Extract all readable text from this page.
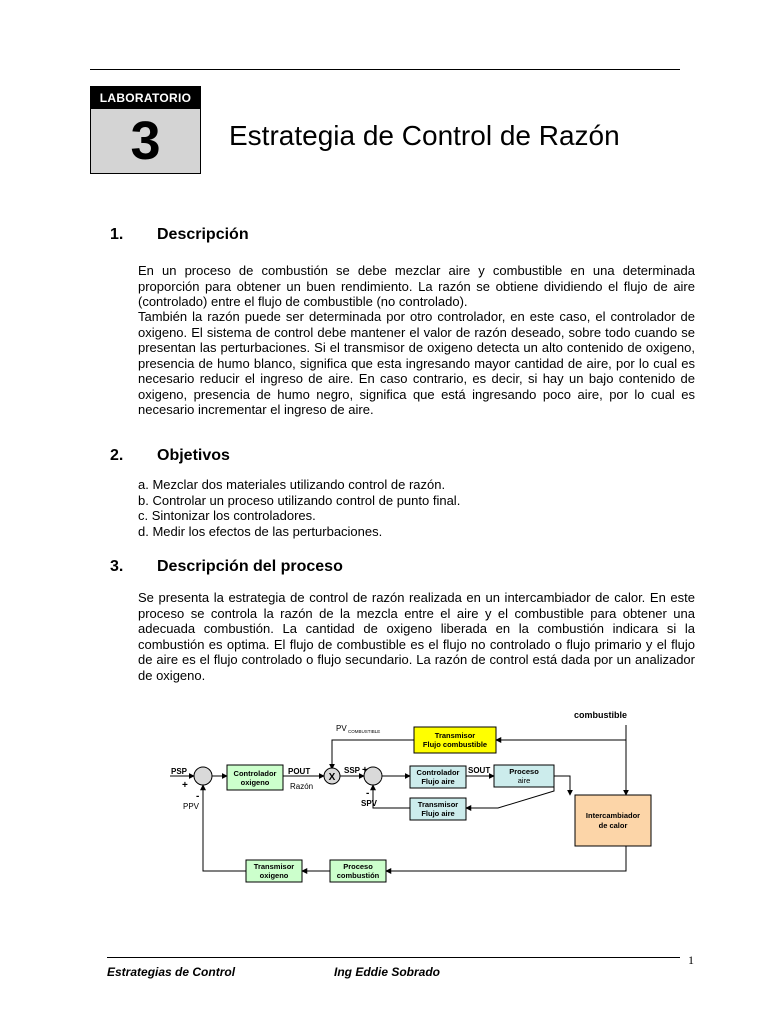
LABORATORIO
3	Estrategia de Control de Razón
1. Descripción

En un proceso de combustión se debe mezclar aire y combustible en una determinada proporción para obtener un buen rendimiento. La razón se obtiene dividiendo el flujo de aire (controlado) entre el flujo de combustible (no controlado).

También la razón puede ser determinada por otro controlador, en este caso, el controlador de oxigeno. El sistema de control debe mantener el valor de razón deseado, sobre todo cuando se presentan las perturbaciones. Si el transmisor de oxigeno detecta un alto contenido de oxigeno, presencia de humo blanco, significa que esta ingresando mayor cantidad de aire, por lo cual es necesario reducir el ingreso de aire. En caso contrario, es decir, si hay un bajo contenido de oxigeno, presencia de humo negro, significa que está ingresando poco aire, por lo cual es necesario incrementar el ingreso de aire.

2. Objetivos
a. Mezclar dos materiales utilizando control de razón.
b. Controlar un proceso utilizando control de punto final.
c. Sintonizar los controladores.
d. Medir los efectos de las perturbaciones.
3. Descripción del proceso

Se presenta la estrategia de control de razón realizada en un intercambiador de calor. En este proceso se controla la razón de la mezcla entre el aire y el combustible para obtener una adecuada combustión. La cantidad de oxigeno liberada en la combustión indicara si la combustión es optima. El flujo de combustible es el flujo no controlado o flujo primario y el flujo de aire es el flujo controlado o flujo secundario. La razón de control está dada por un analizador de oxigeno.

X
Transmisor
Flujo combustible
Controlador
oxigeno
Controlador
Flujo aire
Proceso
aire
Transmisor
Flujo aire	Intercambiador
de calor
Transmisor
oxigeno
Proceso
combustión
combustible
PV COMBUSTIBLE
PSP
+
-
PPV
POUT
Razón
SSP +
-
SPV
SOUT
1
Estrategias de Control	Ing Eddie Sobrado
